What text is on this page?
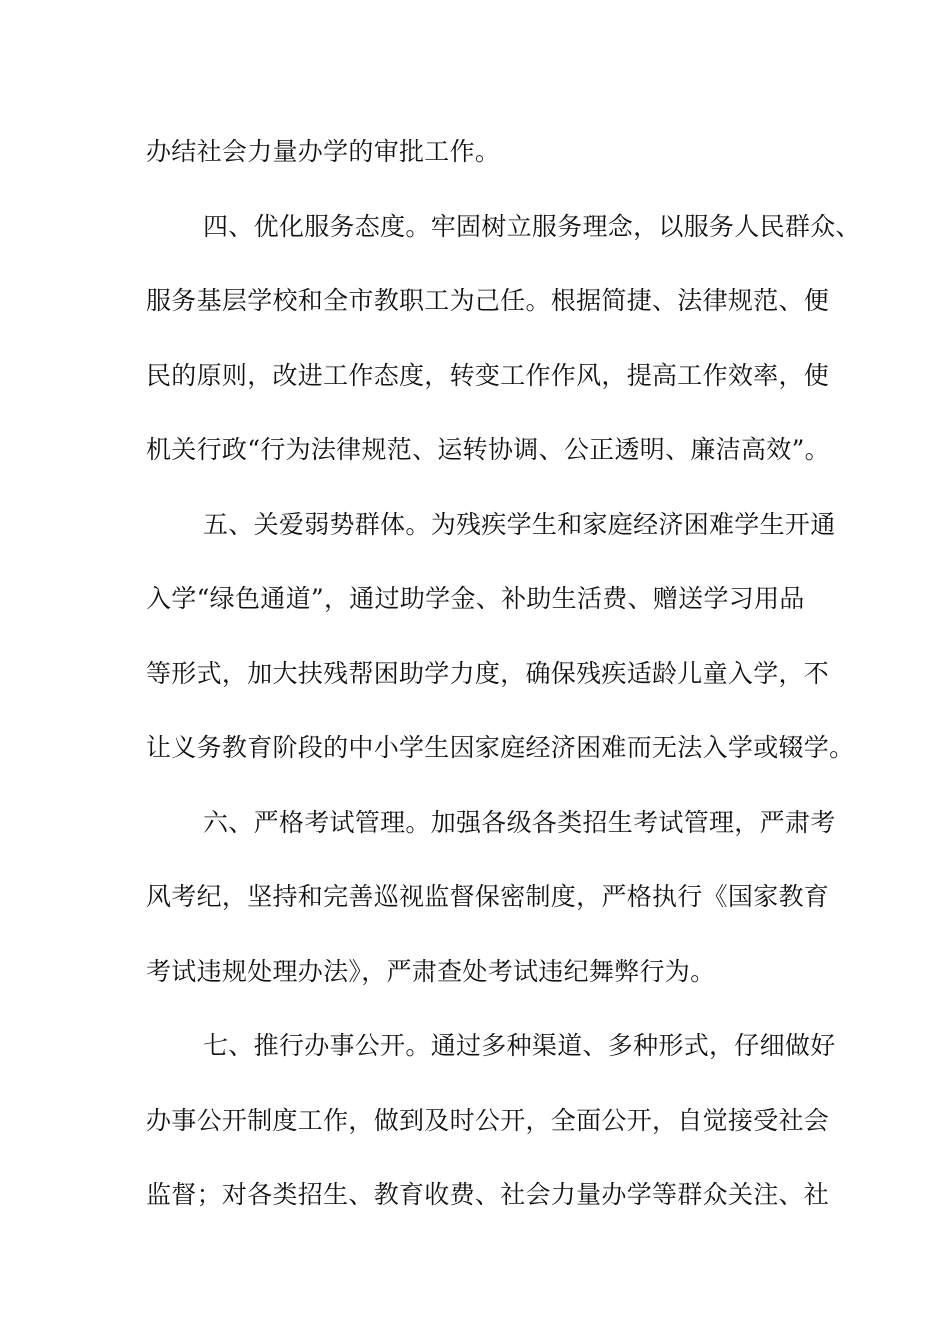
办结社会力量办学的审批工作。
四、优化服务态度。牢固树立服务理念，以服务人民群众、
服务基层学校和全市教职工为己任。根据简捷、法律规范、便
民的原则，改进工作态度，转变工作作风，提高工作效率，使
机关行政“行为法律规范、运转协调、公正透明、廉洁高效”。
五、关爱弱势群体。为残疾学生和家庭经济困难学生开通
入学“绿色通道”，通过助学金、补助生活费、赠送学习用品
等形式，加大扶残帮困助学力度，确保残疾适龄儿童入学，不
让义务教育阶段的中小学生因家庭经济困难而无法入学或辍学。
六、严格考试管理。加强各级各类招生考试管理，严肃考
风考纪，坚持和完善巡视监督保密制度，严格执行《国家教育
考试违规处理办法》，严肃查处考试违纪舞弊行为。
七、推行办事公开。通过多种渠道、多种形式，仔细做好
办事公开制度工作，做到及时公开，全面公开，自觉接受社会
监督；对各类招生、教育收费、社会力量办学等群众关注、社
